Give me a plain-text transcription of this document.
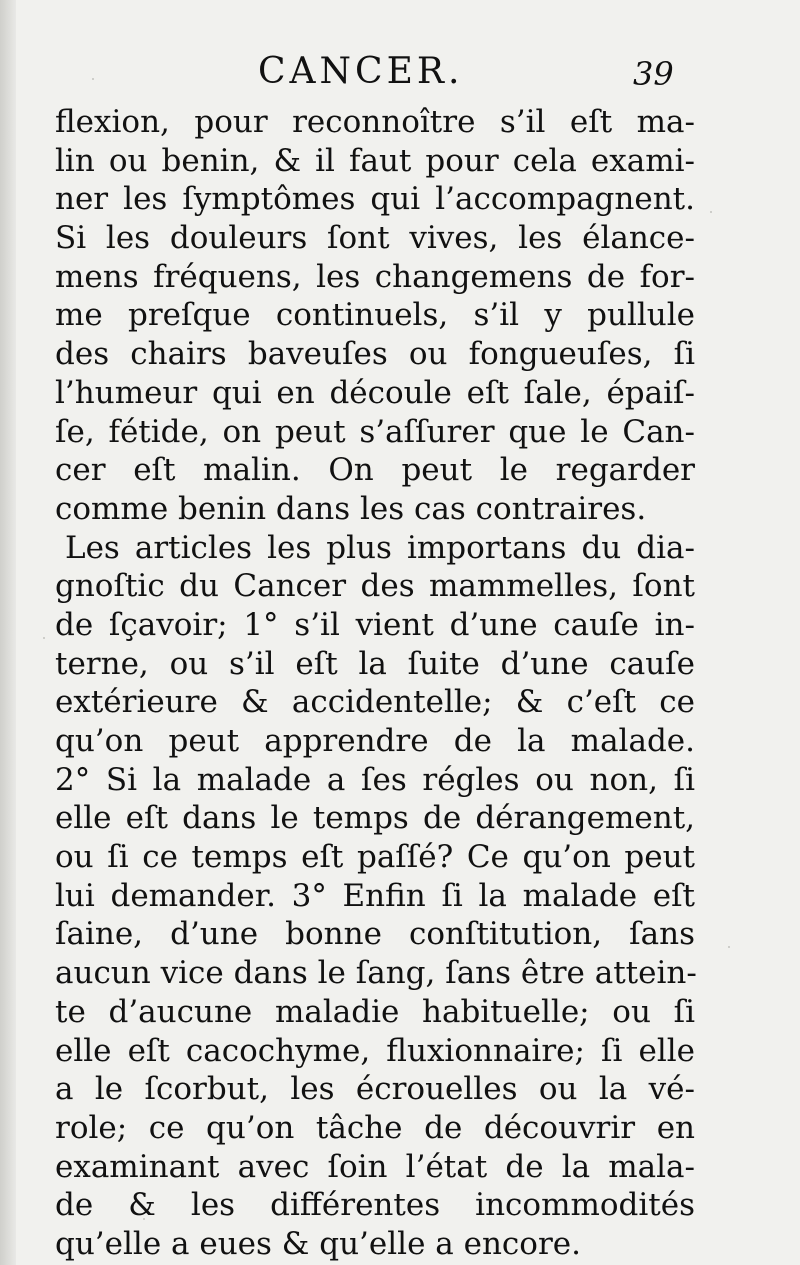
CANCER.	39
flexion, pour reconnoître s’il eſt ma-
lin ou benin, & il faut pour cela exami-
ner les ſymptômes qui l’accompagnent.
Si les douleurs ſont vives, les élance-
mens fréquens, les changemens de for-
me preſque continuels, s’il y pullule
des chairs baveuſes ou fongueuſes, ſi
l’humeur qui en découle eſt ſale, épaiſ-
ſe, fétide, on peut s’aſſurer que le Can-
cer eſt malin. On peut le regarder
comme benin dans les cas contraires.
Les articles les plus importans du dia-
gnoſtic du Cancer des mammelles, ſont
de ſçavoir; 1° s’il vient d’une cauſe in-
terne, ou s’il eſt la ſuite d’une cauſe
extérieure & accidentelle; & c’eſt ce
qu’on peut apprendre de la malade.
2° Si la malade a ſes régles ou non, ſi
elle eſt dans le temps de dérangement,
ou ſi ce temps eſt paſſé? Ce qu’on peut
lui demander. 3° Enfin ſi la malade eſt
ſaine, d’une bonne conſtitution, ſans
aucun vice dans le ſang, ſans être attein-
te d’aucune maladie habituelle; ou ſi
elle eſt cacochyme, fluxionnaire; ſi elle
a le ſcorbut, les écrouelles ou la vé-
role; ce qu’on tâche de découvrir en
examinant avec ſoin l’état de la mala-
de & les différentes incommodités
qu’elle a eues & qu’elle a encore.
